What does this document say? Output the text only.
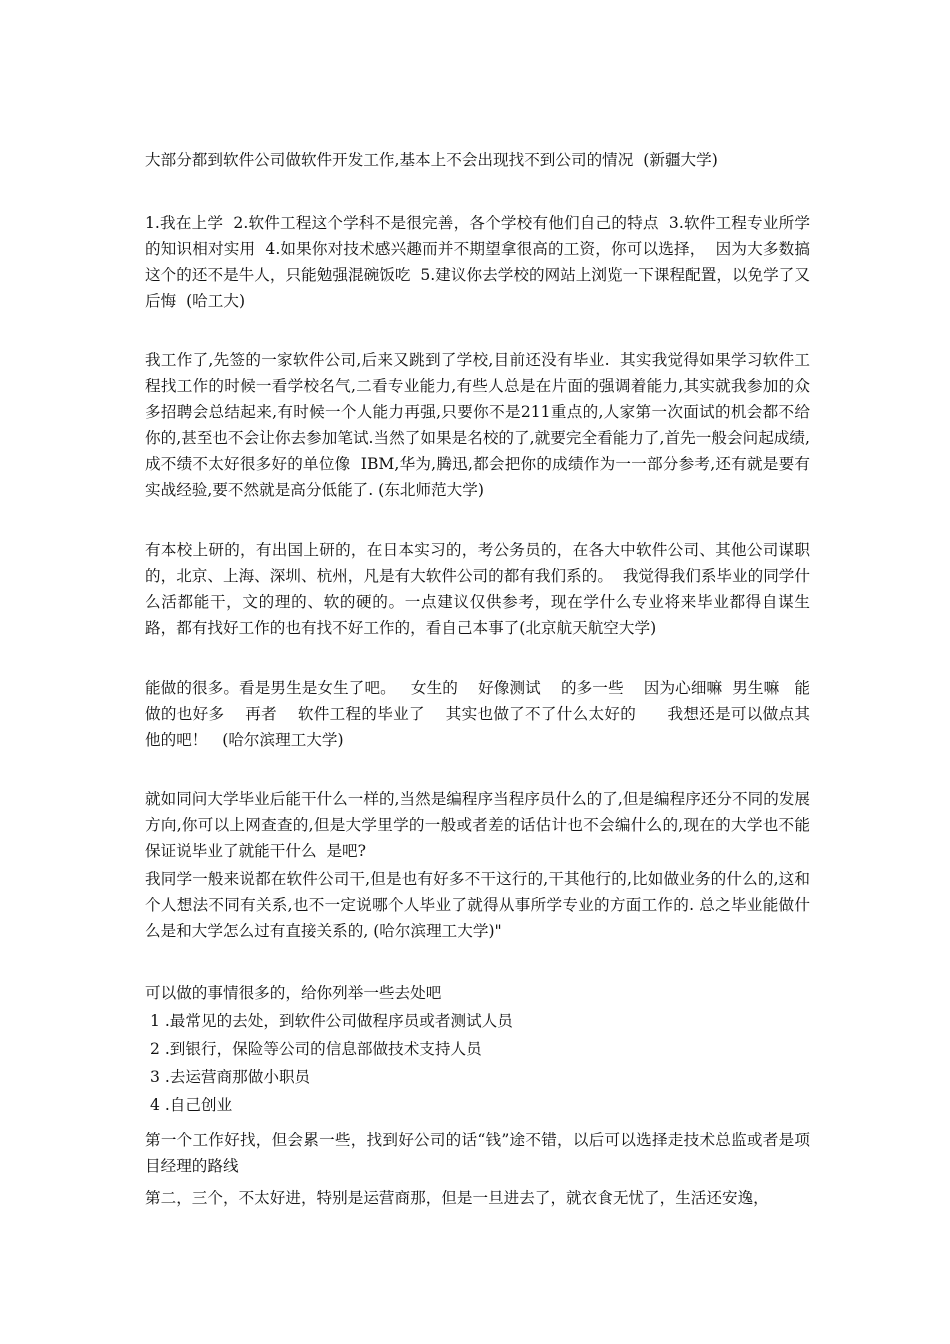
大部分都到软件公司做软件开发工作,基本上不会出现找不到公司的情况  (新疆大学)

1.我在上学  2.软件工程这个学科不是很完善，各个学校有他们自己的特点  3.软件工程专业所学的知识相对实用  4.如果你对技术感兴趣而并不期望拿很高的工资，你可以选择，  因为大多数搞这个的还不是牛人，只能勉强混碗饭吃  5.建议你去学校的网站上浏览一下课程配置，以免学了又后悔  (哈工大)

我工作了,先签的一家软件公司,后来又跳到了学校,目前还没有毕业.  其实我觉得如果学习软件工程找工作的时候一看学校名气,二看专业能力,有些人总是在片面的强调着能力,其实就我参加的众多招聘会总结起来,有时候一个人能力再强,只要你不是211重点的,人家第一次面试的机会都不给你的,甚至也不会让你去参加笔试.当然了如果是名校的了,就要完全看能力了,首先一般会问起成绩, 成不绩不太好很多好的单位像  IBM,华为,腾迅,都会把你的成绩作为一一部分参考,还有就是要有实战经验,要不然就是高分低能了. (东北师范大学)

有本校上研的，有出国上研的，在日本实习的，考公务员的，在各大中软件公司、其他公司谋职的，北京、上海、深圳、杭州，凡是有大软件公司的都有我们系的。  我觉得我们系毕业的同学什么活都能干，文的理的、软的硬的。一点建议仅供参考，现在学什么专业将来毕业都得自谋生路，都有找好工作的也有找不好工作的，看自己本事了(北京航天航空大学)

能做的很多。看是男生是女生了吧。   女生的    好像测试    的多一些    因为心细嘛  男生嘛   能做的也好多    再者    软件工程的毕业了    其实也做了不了什么太好的      我想还是可以做点其他的吧！   (哈尔滨理工大学)

就如同问大学毕业后能干什么一样的,当然是编程序当程序员什么的了,但是编程序还分不同的发展方向,你可以上网查查的,但是大学里学的一般或者差的话估计也不会编什么的,现在的大学也不能保证说毕业了就能干什么  是吧?

我同学一般来说都在软件公司干,但是也有好多不干这行的,干其他行的,比如做业务的什么的,这和个人想法不同有关系,也不一定说哪个人毕业了就得从事所学专业的方面工作的. 总之毕业能做什么是和大学怎么过有直接关系的, (哈尔滨理工大学)"

可以做的事情很多的，给你列举一些去处吧

1 .最常见的去处，到软件公司做程序员或者测试人员

2 .到银行，保险等公司的信息部做技术支持人员

3 .去运营商那做小职员

4 .自己创业

第一个工作好找，但会累一些，找到好公司的话“钱”途不错，以后可以选择走技术总监或者是项目经理的路线

第二，三个，不太好进，特别是运营商那，但是一旦进去了，就衣食无忧了，生活还安逸，
